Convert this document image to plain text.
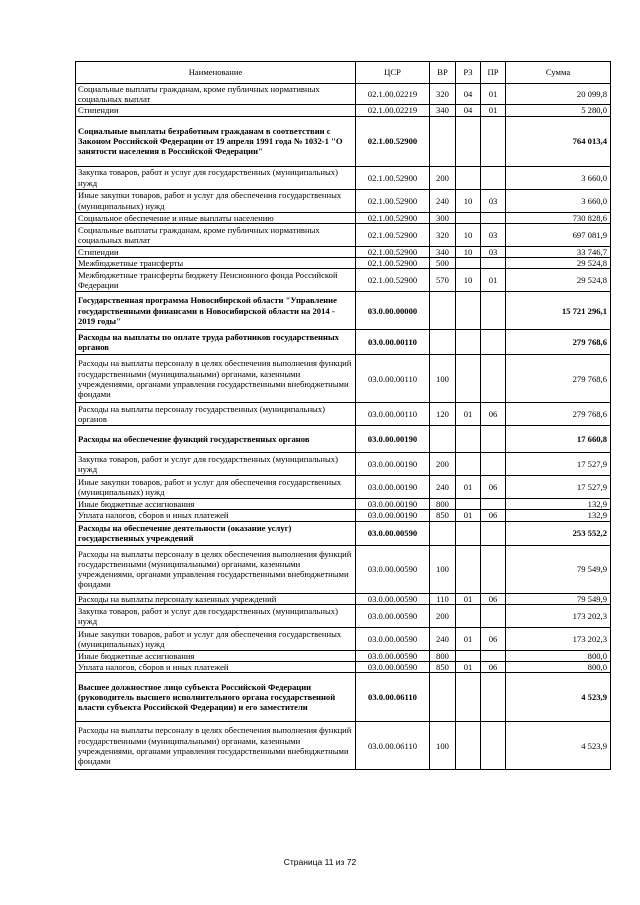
Наименование	ЦСР	ВР	РЗ	ПР	Сумма
Социальные выплаты гражданам, кроме публичных нормативных социальных выплат	02.1.00.02219	320	04	01	20 099,8
Стипендии	02.1.00.02219	340	04	01	5 280,0
Социальные выплаты безработным гражданам в соответствии с Законом Российской Федерации от 19 апреля 1991 года № 1032-1 "О занятости населения в Российской Федерации"	02.1.00.52900				764 013,4
Закупка товаров, работ и услуг для государственных (муниципальных) нужд	02.1.00.52900	200			3 660,0
Иные закупки товаров, работ и услуг для обеспечения государственных (муниципальных) нужд	02.1.00.52900	240	10	03	3 660,0
Социальное обеспечение и иные выплаты населению	02.1.00.52900	300			730 828,6
Социальные выплаты гражданам, кроме публичных нормативных социальных выплат	02.1.00.52900	320	10	03	697 081,9
Стипендии	02.1.00.52900	340	10	03	33 746,7
Межбюджетные трансферты	02.1.00.52900	500			29 524,8
Межбюджетные трансферты бюджету Пенсионного фонда Российской Федерации	02.1.00.52900	570	10	01	29 524,8
Государственная программа Новосибирской области "Управление государственными финансами в Новосибирской области на 2014 - 2019 годы"	03.0.00.00000				15 721 296,1
Расходы на выплаты по оплате труда работников государственных органов	03.0.00.00110				279 768,6
Расходы на выплаты персоналу в целях обеспечения выполнения функций государственными (муниципальными) органами, казенными учреждениями, органами управления государственными внебюджетными фондами	03.0.00.00110	100			279 768,6
Расходы на выплаты персоналу государственных (муниципальных) органов	03.0.00.00110	120	01	06	279 768,6
Расходы на обеспечение функций государственных органов	03.0.00.00190				17 660,8
Закупка товаров, работ и услуг для государственных (муниципальных) нужд	03.0.00.00190	200			17 527,9
Иные закупки товаров, работ и услуг для обеспечения государственных (муниципальных) нужд	03.0.00.00190	240	01	06	17 527,9
Иные бюджетные ассигнования	03.0.00.00190	800			132,9
Уплата налогов, сборов и иных платежей	03.0.00.00190	850	01	06	132,9
Расходы на обеспечение деятельности (оказание услуг) государственных учреждений	03.0.00.00590				253 552,2
Расходы на выплаты персоналу в целях обеспечения выполнения функций государственными (муниципальными) органами, казенными учреждениями, органами управления государственными внебюджетными фондами	03.0.00.00590	100			79 549,9
Расходы на выплаты персоналу казенных учреждений	03.0.00.00590	110	01	06	79 549,9
Закупка товаров, работ и услуг для государственных (муниципальных) нужд	03.0.00.00590	200			173 202,3
Иные закупки товаров, работ и услуг для обеспечения государственных (муниципальных) нужд	03.0.00.00590	240	01	06	173 202,3
Иные бюджетные ассигнования	03.0.00.00590	800			800,0
Уплата налогов, сборов и иных платежей	03.0.00.00590	850	01	06	800,0
Высшее должностное лицо субъекта Российской Федерации (руководитель высшего исполнительного органа государственной власти субъекта Российской Федерации) и его заместители	03.0.00.06110				4 523,9
Расходы на выплаты персоналу в целях обеспечения выполнения функций государственными (муниципальными) органами, казенными учреждениями, органами управления государственными внебюджетными фондами	03.0.00.06110	100			4 523,9
Страница 11 из 72
